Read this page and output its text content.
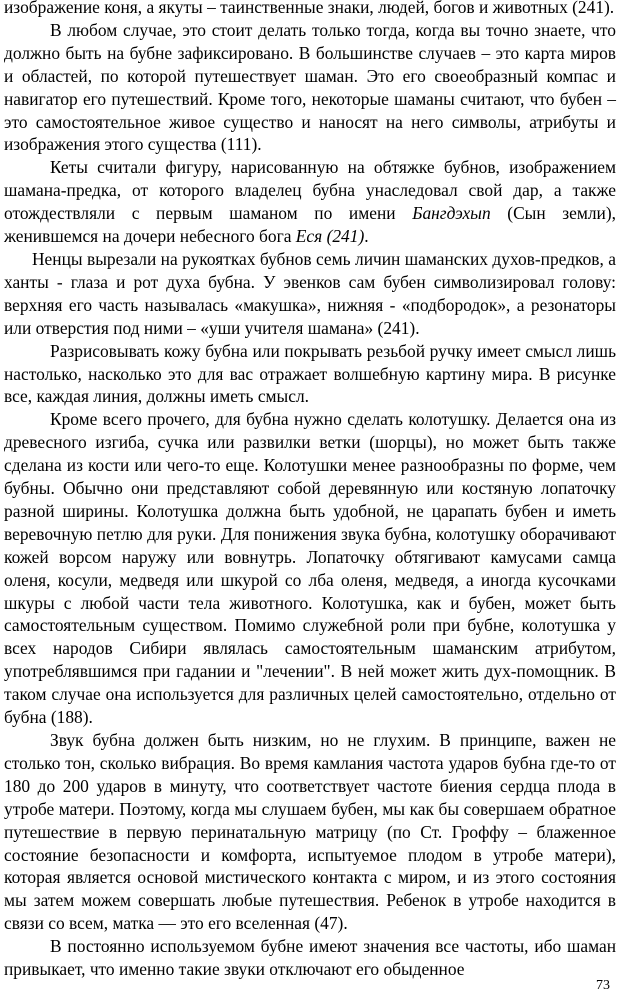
изображение коня, а якуты – таинственные знаки, людей, богов и животных (241).

В любом случае, это стоит делать только тогда, когда вы точно знаете, что должно быть на бубне зафиксировано. В большинстве случаев – это карта миров и областей, по которой путешествует шаман. Это его своеобразный компас и навигатор его путешествий. Кроме того, некоторые шаманы считают, что бубен – это самостоятельное живое существо и наносят на него символы, атрибуты и изображения этого существа (111).

Кеты считали фигуру, нарисованную на обтяжке бубнов, изображением шамана-предка, от которого владелец бубна унаследовал свой дар, а также отождествляли с первым шаманом по имени Бангдэхып (Сын земли), женившемся на дочери небесного бога Еся (241).

Ненцы вырезали на рукоятках бубнов семь личин шаманских духов-предков, а ханты - глаза и рот духа бубна. У эвенков сам бубен символизировал голову: верхняя его часть называлась «макушка», нижняя - «подбородок», а резонаторы или отверстия под ними – «уши учителя шамана» (241).

Разрисовывать кожу бубна или покрывать резьбой ручку имеет смысл лишь настолько, насколько это для вас отражает волшебную картину мира. В рисунке все, каждая линия, должны иметь смысл.

Кроме всего прочего, для бубна нужно сделать колотушку. Делается она из древесного изгиба, сучка или развилки ветки (шорцы), но может быть также сделана из кости или чего-то еще. Колотушки менее разнообразны по форме, чем бубны. Обычно они представляют собой деревянную или костяную лопаточку разной ширины. Колотушка должна быть удобной, не царапать бубен и иметь веревочную петлю для руки. Для понижения звука бубна, колотушку оборачивают кожей ворсом наружу или вовнутрь. Лопаточку обтягивают камусами самца оленя, косули, медведя или шкурой со лба оленя, медведя, а иногда кусочками шкуры с любой части тела животного. Колотушка, как и бубен, может быть самостоятельным существом. Помимо служебной роли при бубне, колотушка у всех народов Сибири являлась самостоятельным шаманским атрибутом, употреблявшимся при гадании и "лечении". В ней может жить дух-помощник. В таком случае она используется для различных целей самостоятельно, отдельно от бубна (188).

Звук бубна должен быть низким, но не глухим. В принципе, важен не столько тон, сколько вибрация. Во время камлания частота ударов бубна где-то от 180 до 200 ударов в минуту, что соответствует частоте биения сердца плода в утробе матери. Поэтому, когда мы слушаем бубен, мы как бы совершаем обратное путешествие в первую перинатальную матрицу (по Ст. Гроффу – блаженное состояние безопасности и комфорта, испытуемое плодом в утробе матери), которая является основой мистического контакта с миром, и из этого состояния мы затем можем совершать любые путешествия. Ребенок в утробе находится в связи со всем, матка — это его вселенная (47).

В постоянно используемом бубне имеют значения все частоты, ибо шаман привыкает, что именно такие звуки отключают его обыденное

73
